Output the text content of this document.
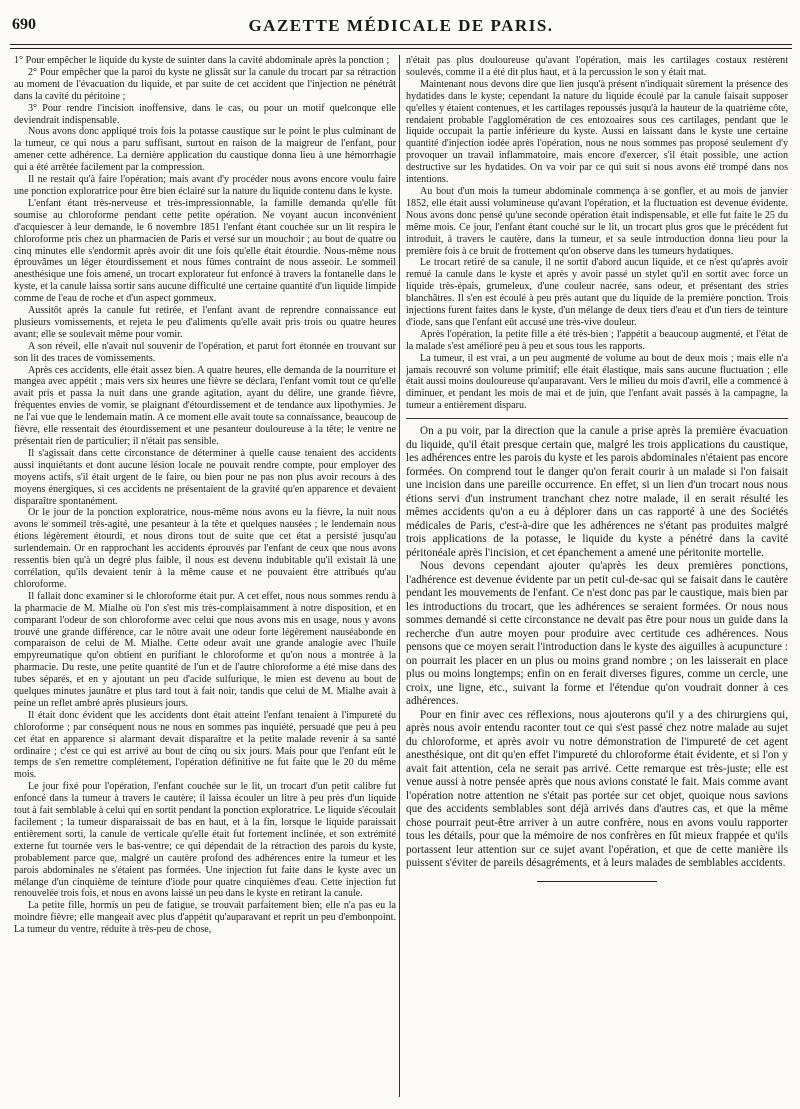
690	GAZETTE MÉDICALE DE PARIS.

1° Pour empêcher le liquide du kyste de suinter dans la cavité abdominale après la ponction ;

2° Pour empêcher que la paroi du kyste ne glissât sur la canule du trocart par sa rétraction au moment de l'évacuation du liquide, et par suite de cet accident que l'injection ne pénétrât dans la cavité du péritoine ;

3° Pour rendre l'incision inoffensive, dans le cas, ou pour un motif quelconque elle deviendrait indispensable.

Nous avons donc appliqué trois fois la potasse caustique sur le point le plus culminant de la tumeur, ce qui nous a paru suffisant, surtout en raison de la maigreur de l'enfant, pour amener cette adhérence. La dernière application du caustique donna lieu à une hémorrhagie qui a été arrêtée facilement par la compression.

Il ne restait qu'à faire l'opération; mais avant d'y procéder nous avons encore voulu faire une ponction exploratrice pour être bien éclairé sur la nature du liquide contenu dans le kyste.

L'enfant étant très-nerveuse et très-impressionnable, la famille demanda qu'elle fût soumise au chloroforme pendant cette petite opération. Ne voyant aucun inconvénient d'acquiescer à leur demande, le 6 novembre 1851 l'enfant étant couchée sur un lit respira le chloroforme pris chez un pharmacien de Paris et versé sur un mouchoir ; au bout de quatre ou cinq minutes elle s'endormit après avoir dit une fois qu'elle était étourdie. Nous-même nous éprouvâmes un léger étourdissement et nous fûmes contraint de nous asseoir. Le sommeil anesthésique une fois amené, un trocart explorateur fut enfoncé à travers la fontanelle dans le kyste, et la canule laissa sortir sans aucune difficulté une certaine quantité d'un liquide limpide comme de l'eau de roche et d'un aspect gommeux.

Aussitôt après la canule fut retirée, et l'enfant avant de reprendre connaissance eut plusieurs vomissements, et rejeta le peu d'aliments qu'elle avait pris trois ou quatre heures avant; elle se soulevait même pour vomir.

A son réveil, elle n'avait nul souvenir de l'opération, et parut fort étonnée en trouvant sur son lit des traces de vomissements.

Après ces accidents, elle était assez bien. A quatre heures, elle demanda de la nourriture et mangea avec appétit ; mais vers six heures une fièvre se déclara, l'enfant vomit tout ce qu'elle avait pris et passa la nuit dans une grande agitation, ayant du délire, une grande fièvre, fréquentes envies de vomir, se plaignant d'étourdissement et de tendance aux lipothymies. Je ne l'ai vue que le lendemain matin. A ce moment elle avait toute sa connaissance, beaucoup de fièvre, elle ressentait des étourdissement et une pesanteur douloureuse à la tête; le ventre ne présentait rien de particulier; il n'était pas sensible.

Il s'agissait dans cette circonstance de déterminer à quelle cause tenaient des accidents aussi inquiétants et dont aucune lésion locale ne pouvait rendre compte, pour employer des moyens actifs, s'il était urgent de le faire, ou bien pour ne pas non plus avoir recours à des moyens énergiques, si ces accidents ne présentaient de la gravité qu'en apparence et devaient disparaître spontanément.

Or le jour de la ponction exploratrice, nous-même nous avons eu la fièvre, la nuit nous avons le sommeil très-agité, une pesanteur à la tête et quelques nausées ; le lendemain nous étions légèrement étourdi, et nous dirons tout de suite que cet état a persisté jusqu'au surlendemain. Or en rapprochant les accidents éprouvés par l'enfant de ceux que nous avons ressentis bien qu'à un degré plus faible, il nous est devenu indubitable qu'il existait là une corrélation, qu'ils devaient tenir à la même cause et ne pouvaient être attribués qu'au chloroforme.

Il fallait donc examiner si le chloroforme était pur. A cet effet, nous nous sommes rendu à la pharmacie de M. Mialhe où l'on s'est mis très-complaisamment à notre disposition, et en comparant l'odeur de son chloroforme avec celui que nous avons mis en usage, nous y avons trouvé une grande différence, car le nôtre avait une odeur forte légèrement nauséabonde en comparaison de celui de M. Mialhe. Cette odeur avait une grande analogie avec l'huile empyreumatique qu'on obtient en purifiant le chloroforme et qu'on nous a montrée à la pharmacie. Du reste, une petite quantité de l'un et de l'autre chloroforme a été mise dans des tubes séparés, et en y ajoutant un peu d'acide sulfurique, le mien est devenu au bout de quelques minutes jaunâtre et plus tard tout à fait noir, tandis que celui de M. Mialhe avait à peine un reflet ambré après plusieurs jours.

Il était donc évident que les accidents dont était atteint l'enfant tenaient à l'impureté du chloroforme ; par conséquent nous ne nous en sommes pas inquiété, persuadé que peu à peu cet état en apparence si alarmant devait disparaître et la petite malade revenir à sa santé ordinaire ; c'est ce qui est arrivé au bout de cinq ou six jours. Mais pour que l'enfant eût le temps de s'en remettre complétement, l'opération définitive ne fut faite que le 20 du même mois.

Le jour fixé pour l'opération, l'enfant couchée sur le lit, un trocart d'un petit calibre fut enfoncé dans la tumeur à travers le cautère; il laissa écouler un litre à peu près d'un liquide tout à fait semblable à celui qui en sortit pendant la ponction exploratrice. Le liquide s'écoulait facilement ; la tumeur disparaissait de bas en haut, et à la fin, lorsque le liquide paraissait entièrement sorti, la canule de verticale qu'elle était fut fortement inclinée, et son extrémité externe fut tournée vers le bas-ventre; ce qui dépendait de la rétraction des parois du kyste, probablement parce que, malgré un cautère profond des adhérences entre la tumeur et les parois abdominales ne s'étaient pas formées. Une injection fut faite dans le kyste avec un mélange d'un cinquième de teinture d'iode pour quatre cinquièmes d'eau. Cette injection fut renouvelée trois fois, et nous en avons laissé un peu dans le kyste en retirant la canule.

La petite fille, hormis un peu de fatigue, se trouvait parfaitement bien; elle n'a pas eu la moindre fièvre; elle mangeait avec plus d'appétit qu'auparavant et reprit un peu d'embonpoint. La tumeur du ventre, réduite à très-peu de chose,

n'était pas plus douloureuse qu'avant l'opération, mais les cartilages costaux restèrent soulevés, comme il a été dit plus haut, et à la percussion le son y était mat.

Maintenant nous devons dire que lien jusqu'à présent n'indiquait sûrement la présence des hydatides dans le kyste; cependant la nature du liquide écoulé par la canule faisait supposer qu'elles y étaient contenues, et les cartilages repoussés jusqu'à la hauteur de la quatrième côte, rendaient probable l'agglomération de ces entozoaires sous ces cartilages, pendant que le liquide occupait la partie inférieure du kyste. Aussi en laissant dans le kyste une certaine quantité d'injection iodée après l'opération, nous ne nous sommes pas proposé seulement d'y provoquer un travail inflammatoire, mais encore d'exercer, s'il était possible, une action destructive sur les hydatides. On va voir par ce qui suit si nous avons été trompé dans nos intentions.

Au bout d'un mois la tumeur abdominale commença à se gonfler, et au mois de janvier 1852, elle était aussi volumineuse qu'avant l'opération, et la fluctuation est devenue évidente. Nous avons donc pensé qu'une seconde opération était indispensable, et elle fut faite le 25 du même mois. Ce jour, l'enfant étant couché sur le lit, un trocart plus gros que le précédent fut introduit, à travers le cautère, dans la tumeur, et sa seule introduction donna lieu pour la première fois à ce bruit de frottement qu'on observe dans les tumeurs hydatiques.

Le trocart retiré de sa canule, il ne sortit d'abord aucun liquide, et ce n'est qu'après avoir remué la canule dans le kyste et après y avoir passé un stylet qu'il en sortit avec force un liquide très-épais, grumeleux, d'une couleur nacrée, sans odeur, et présentant des stries blanchâtres. Il s'en est écoulé à peu près autant que du liquide de la première ponction. Trois injections furent faites dans le kyste, d'un mélange de deux tiers d'eau et d'un tiers de teinture d'iode, sans que l'enfant eût accusé une très-vive douleur.

Après l'opération, la petite fille a été très-bien ; l'appétit a beaucoup augmenté, et l'état de la malade s'est amélioré peu à peu et sous tous les rapports.

La tumeur, il est vrai, a un peu augmenté de volume au bout de deux mois ; mais elle n'a jamais recouvré son volume primitif; elle était élastique, mais sans aucune fluctuation ; elle était aussi moins douloureuse qu'auparavant. Vers le milieu du mois d'avril, elle a commencé à diminuer, et pendant les mois de mai et de juin, que l'enfant avait passés à la campagne, la tumeur a entièrement disparu.

On a pu voir, par la direction que la canule a prise après la première évacuation du liquide, qu'il était presque certain que, malgré les trois applications du caustique, les adhérences entre les parois du kyste et les parois abdominales n'étaient pas encore formées. On comprend tout le danger qu'on ferait courir à un malade si l'on faisait une incision dans une pareille occurrence. En effet, si un lien d'un trocart nous nous étions servi d'un instrument tranchant chez notre malade, il en serait résulté les mêmes accidents qu'on a eu à déplorer dans un cas rapporté à une des Sociétés médicales de Paris, c'est-à-dire que les adhérences ne s'étant pas produites malgré trois applications de la potasse, le liquide du kyste a pénétré dans la cavité péritonéale après l'incision, et cet épanchement a amené une péritonite mortelle.

Nous devons cependant ajouter qu'après les deux premières ponctions, l'adhérence est devenue évidente par un petit cul-de-sac qui se faisait dans le cautère pendant les mouvements de l'enfant. Ce n'est donc pas par le caustique, mais bien par les introductions du trocart, que les adhérences se seraient formées. Or nous nous sommes demandé si cette circonstance ne devait pas être pour nous un guide dans la recherche d'un autre moyen pour produire avec certitude ces adhérences. Nous pensons que ce moyen serait l'introduction dans le kyste des aiguilles à acupuncture : on pourrait les placer en un plus ou moins grand nombre ; on les laisserait en place plus ou moins longtemps; enfin on en ferait diverses figures, comme un cercle, une croix, une ligne, etc., suivant la forme et l'étendue qu'on voudrait donner à ces adhérences.

Pour en finir avec ces réflexions, nous ajouterons qu'il y a des chirurgiens qui, après nous avoir entendu raconter tout ce qui s'est passé chez notre malade au sujet du chloroforme, et après avoir vu notre démonstration de l'impureté de cet agent anesthésique, ont dit qu'en effet l'impureté du chloroforme était évidente, et si l'on y avait fait attention, cela ne serait pas arrivé. Cette remarque est très-juste; elle est venue aussi à notre pensée après que nous avions constaté le fait. Mais comme avant l'opération notre attention ne s'était pas portée sur cet objet, quoique nous savions que des accidents semblables sont déjà arrivés dans d'autres cas, et que la même chose pourrait peut-être arriver à un autre confrère, nous en avons voulu rapporter tous les détails, pour que la mémoire de nos confrères en fût mieux frappée et qu'ils portassent leur attention sur ce sujet avant l'opération, et que de cette manière ils puissent s'éviter de pareils désagréments, et à leurs malades de semblables accidents.
